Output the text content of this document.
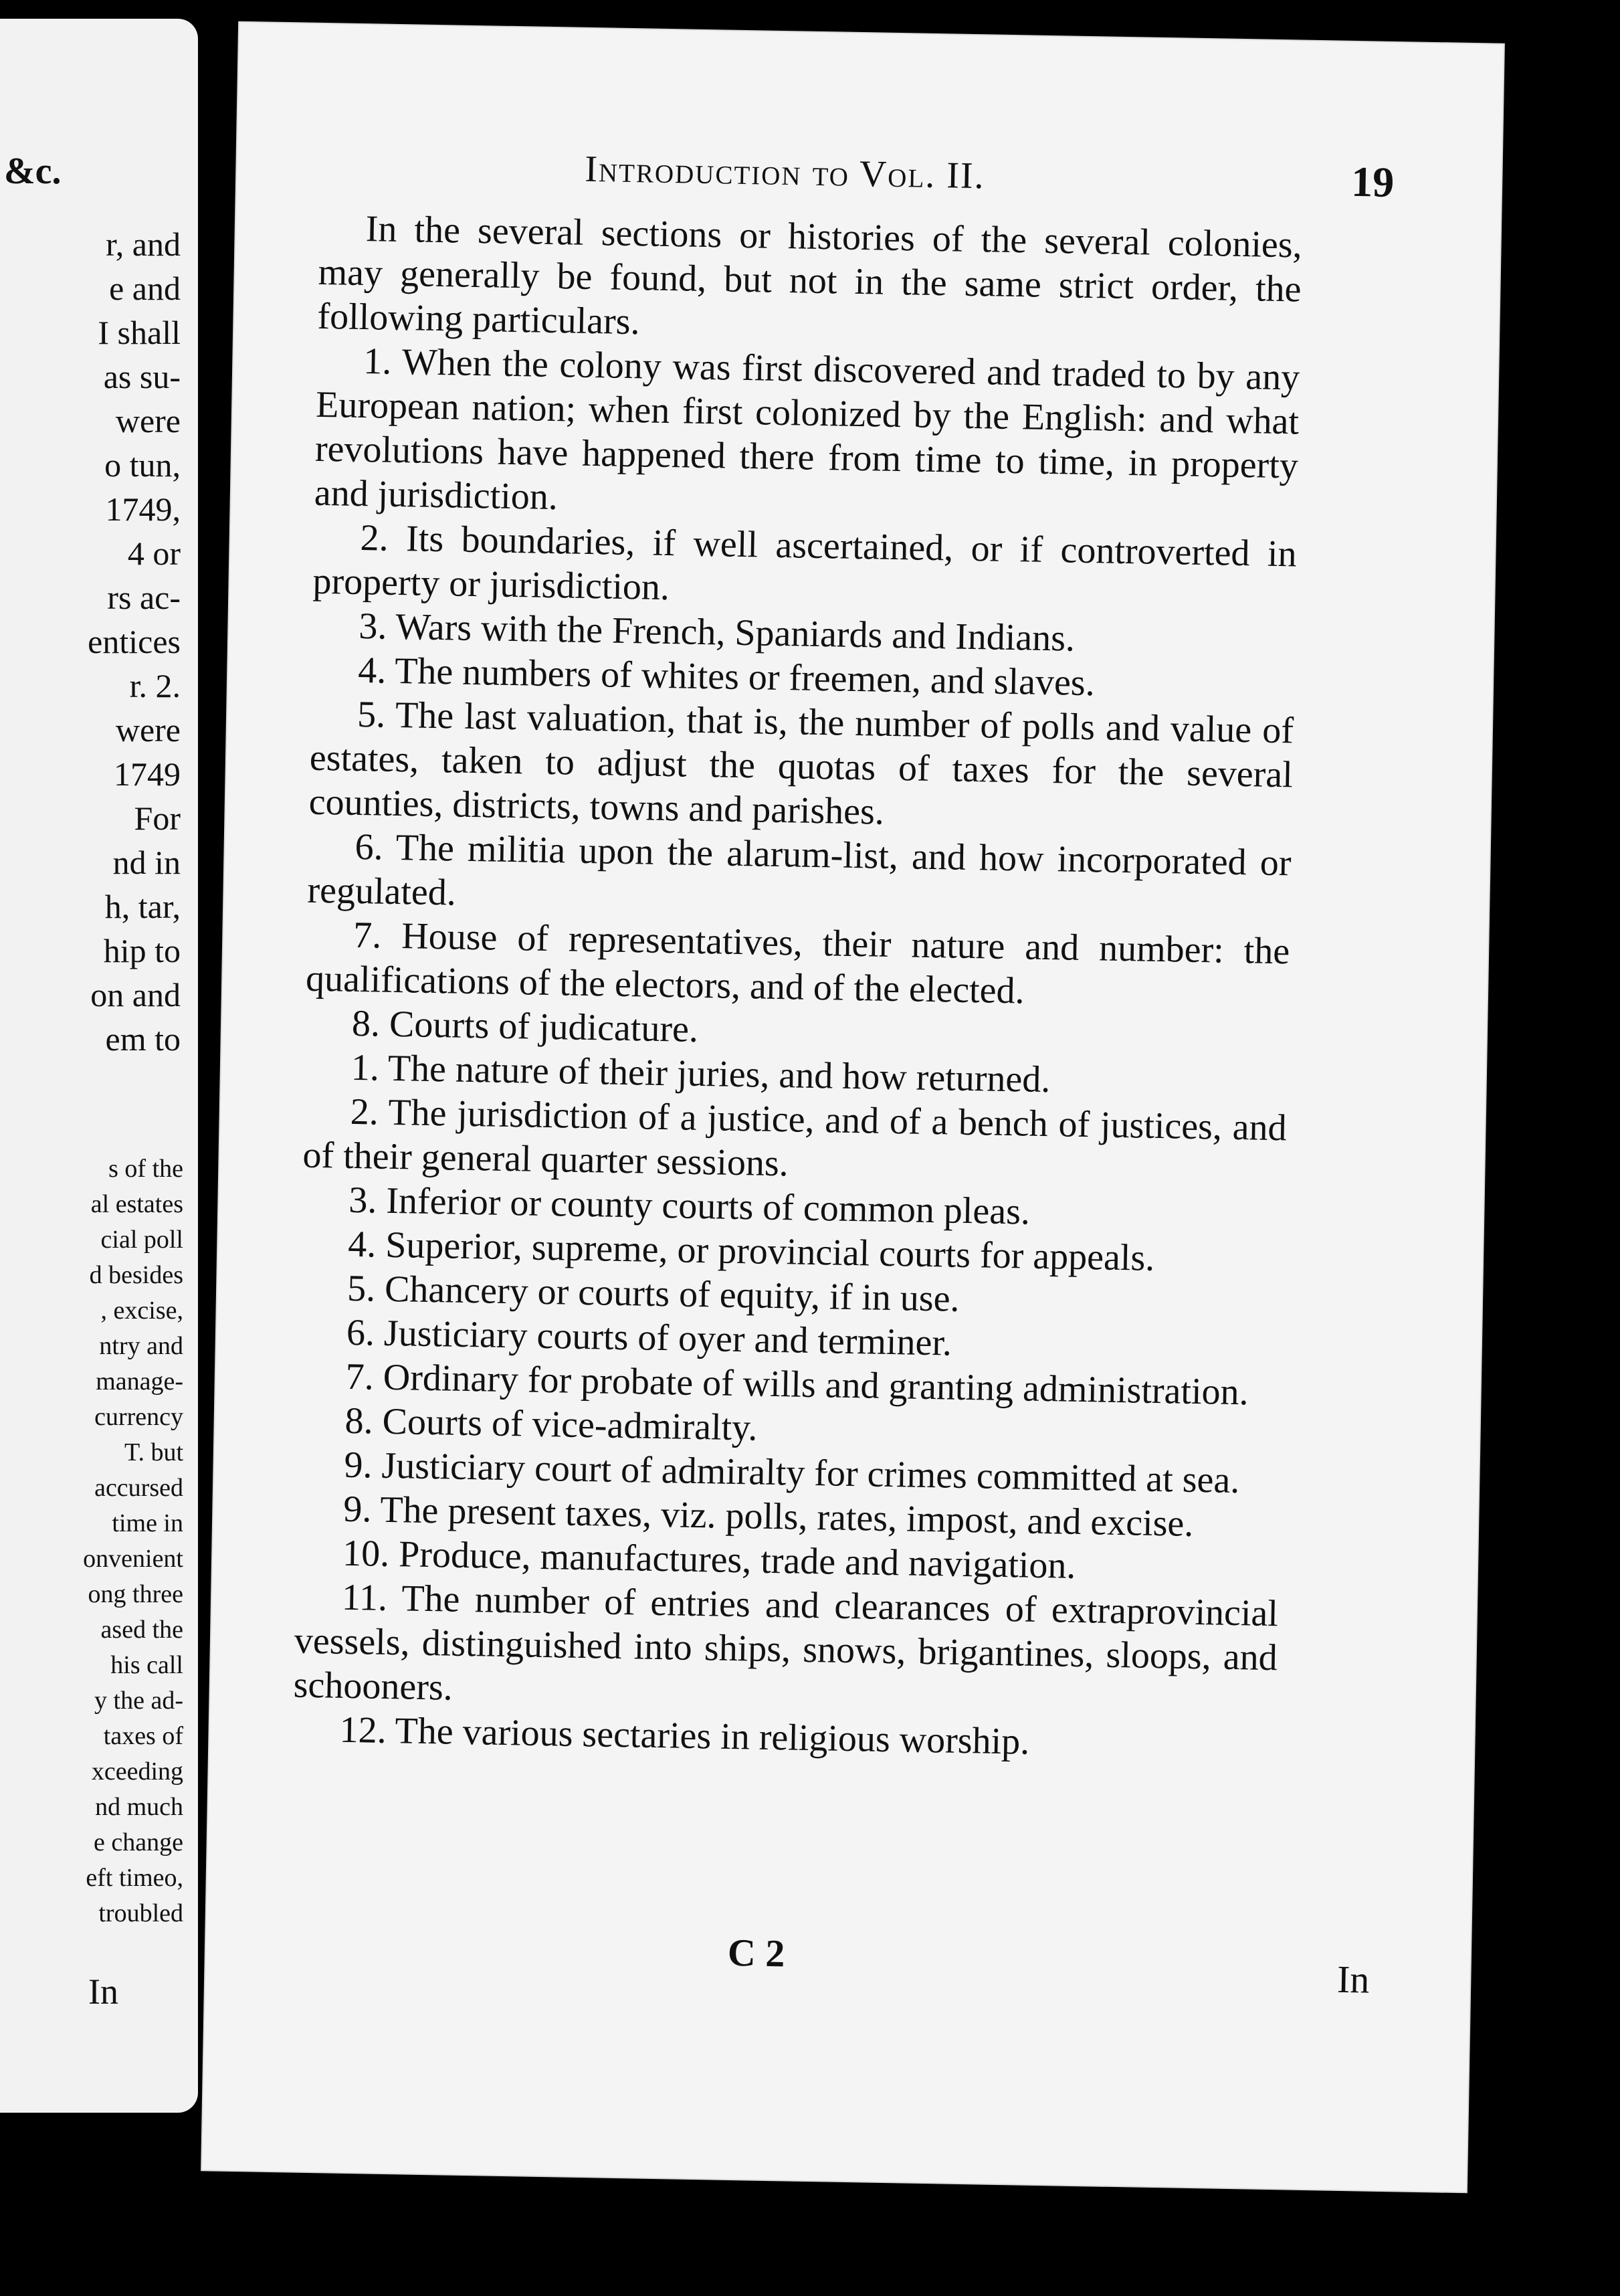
&c.
r, and
e and
I shall
as su-
were
o tun,
1749,
4 or
rs ac-
entices
r. 2.
were
1749
For
nd in
h, tar,
hip to
on and
em to
s of the
al estates
cial poll
d besides
, excise,
ntry and
manage-
currency
T. but
accursed
time in
onvenient
ong three
ased the
his call
y the ad-
taxes of
xceeding
nd much
e change
eft timeo,
troubled
In
Introduction to Vol. II.	19

In the several sections or histories of the several colonies, may generally be found, but not in the same strict order, the following particulars.

1. When the colony was first discovered and traded to by any European nation; when first colonized by the English: and what revolutions have happened there from time to time, in property and jurisdiction.

2. Its boundaries, if well ascertained, or if controverted in property or jurisdiction.

3. Wars with the French, Spaniards and Indians.

4. The numbers of whites or freemen, and slaves.

5. The last valuation, that is, the number of polls and value of estates, taken to adjust the quotas of taxes for the several counties, districts, towns and parishes.

6. The militia upon the alarum-list, and how incorporated or regulated.

7. House of representatives, their nature and number: the qualifications of the electors, and of the elected.

8. Courts of judicature.

1. The nature of their juries, and how returned.

2. The jurisdiction of a justice, and of a bench of justices, and of their general quarter sessions.

3. Inferior or county courts of common pleas.

4. Superior, supreme, or provincial courts for appeals.

5. Chancery or courts of equity, if in use.

6. Justiciary courts of oyer and terminer.

7. Ordinary for probate of wills and granting administration.

8. Courts of vice-admiralty.

9. Justiciary court of admiralty for crimes committed at sea.

9. The present taxes, viz. polls, rates, impost, and excise.

10. Produce, manufactures, trade and navigation.

11. The number of entries and clearances of extraprovincial vessels, distinguished into ships, snows, brigantines, sloops, and schooners.

12. The various sectaries in religious worship.

C 2
In
